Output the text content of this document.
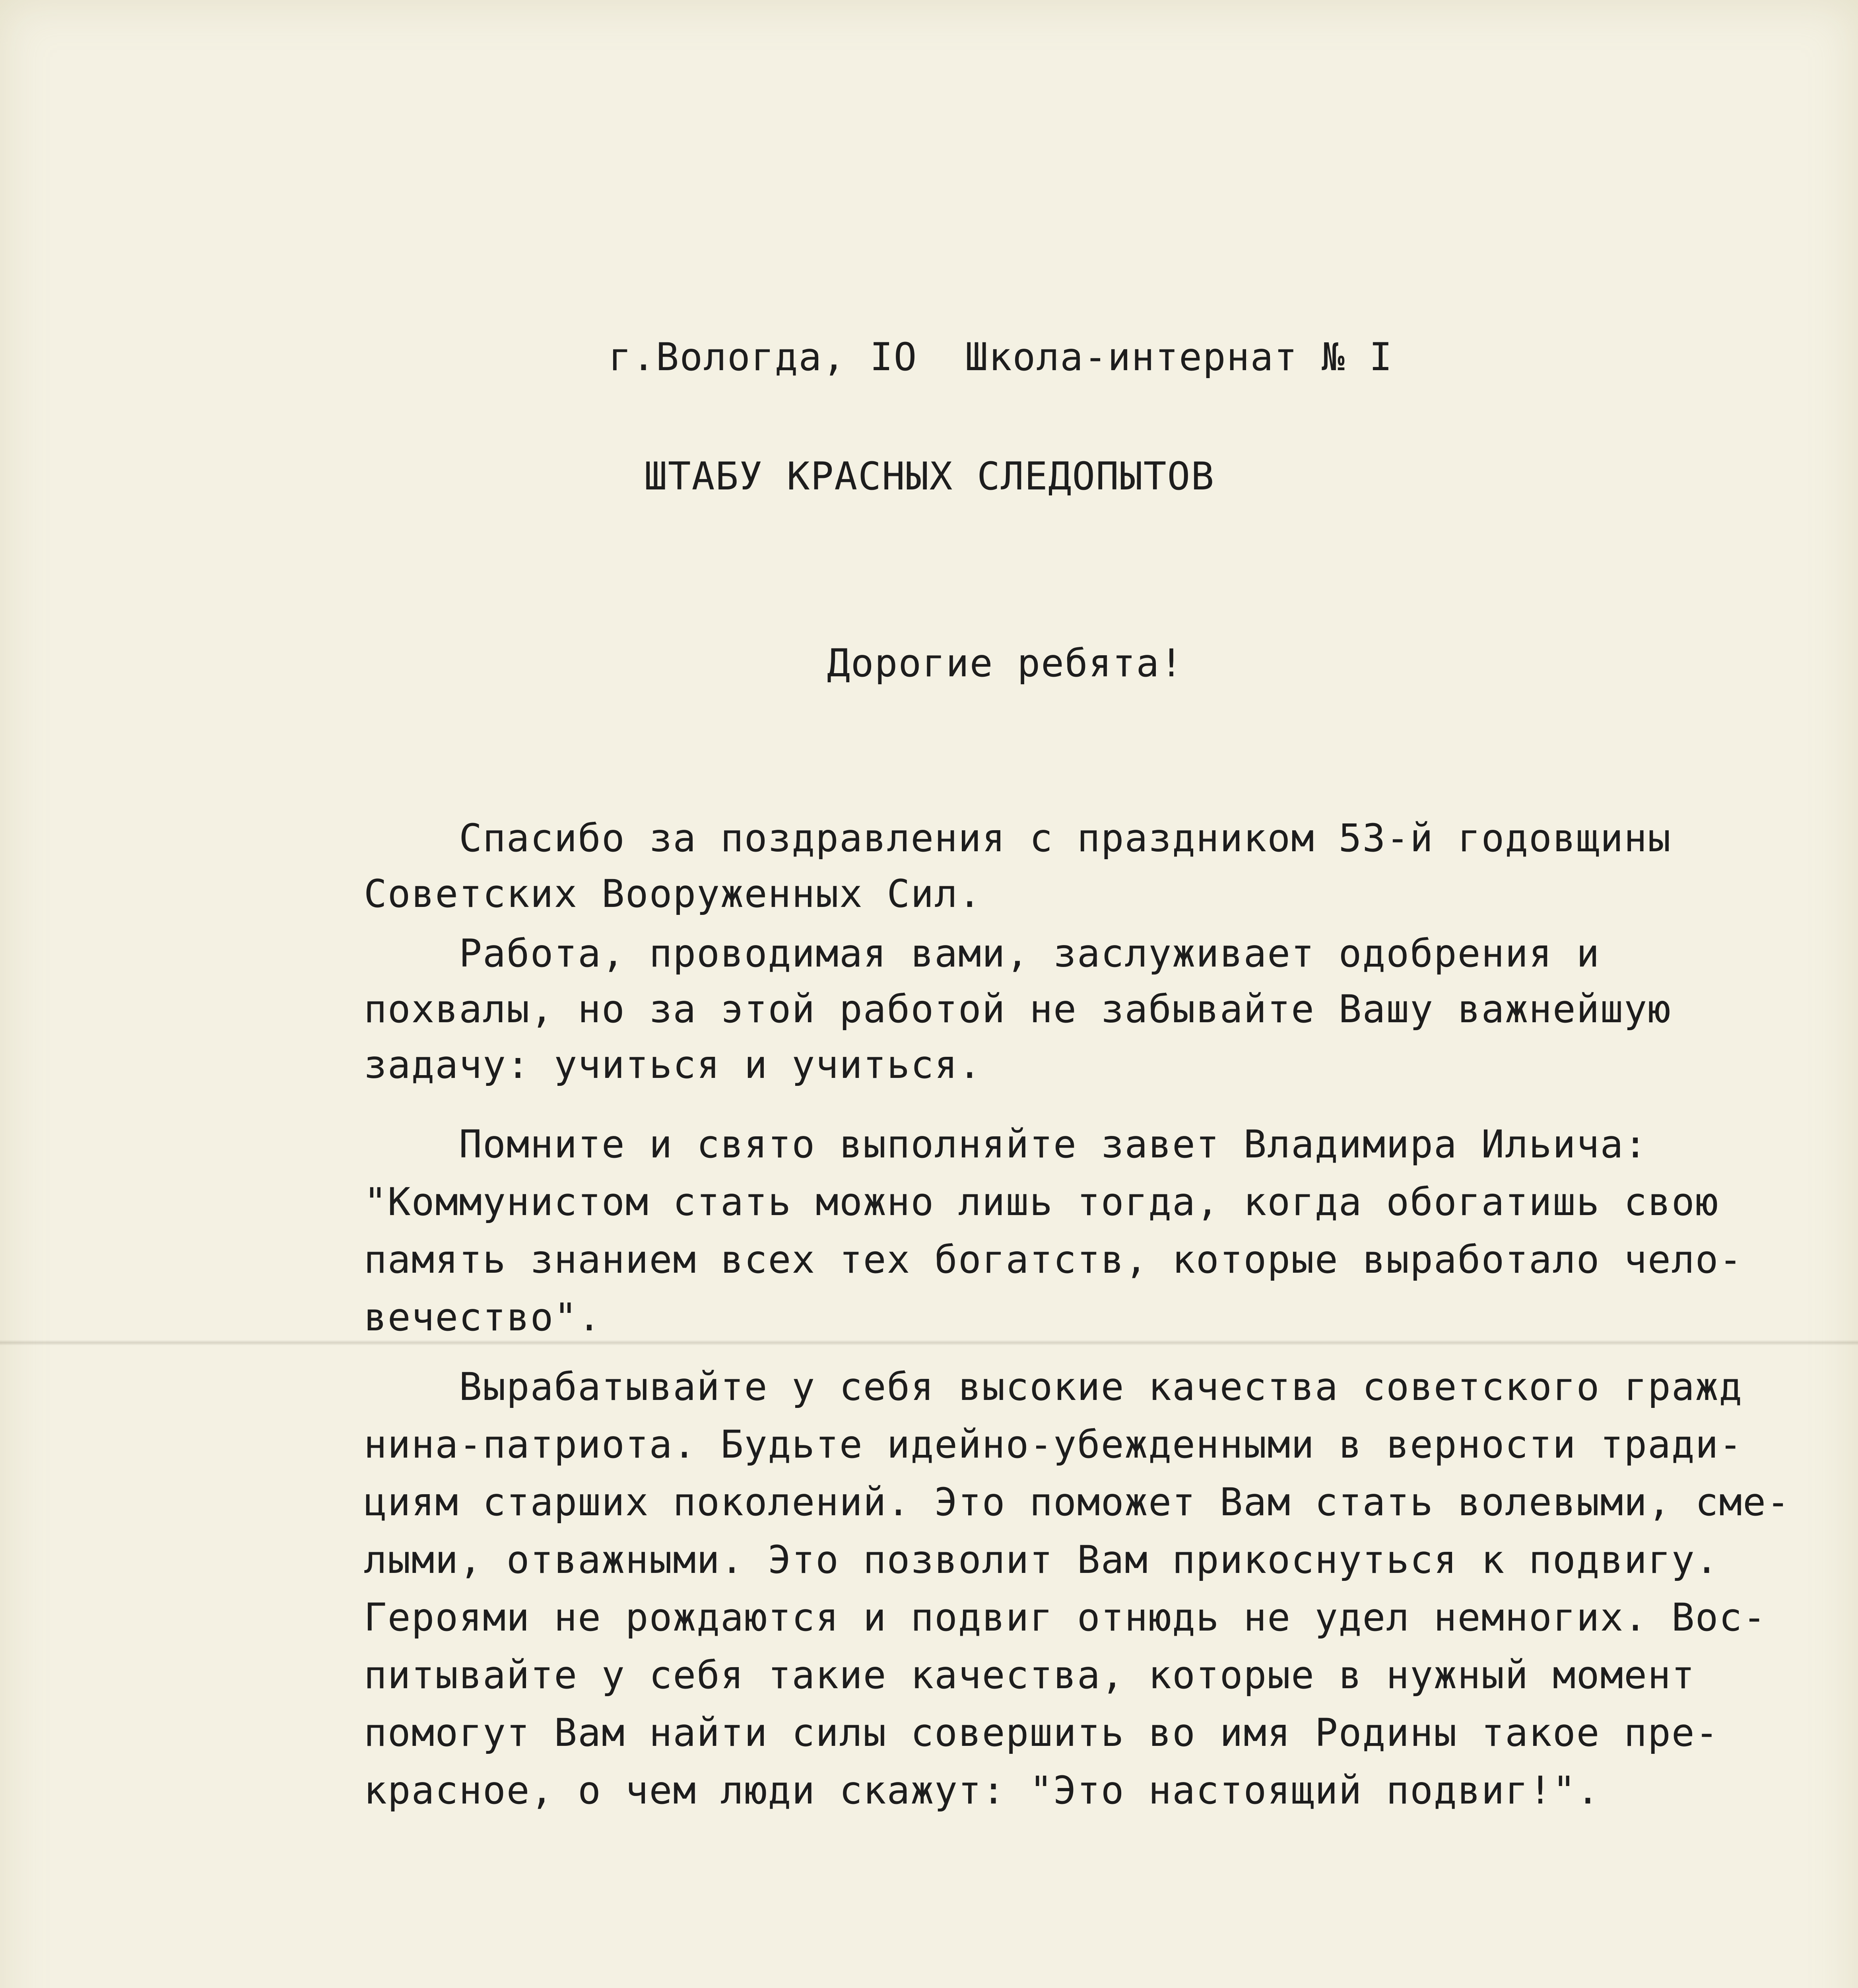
г.Вологда, IO  Школа-интернат № I
ШТАБУ КРАСНЫХ СЛЕДОПЫТОВ
Дорогие ребята!
Спасибо за поздравления с праздником 53-й годовщины
Советских Вооруженных Сил.
Работа, проводимая вами, заслуживает одобрения и
похвалы, но за этой работой не забывайте Вашу важнейшую
задачу: учиться и учиться.
Помните и свято выполняйте завет Владимира Ильича:
"Коммунистом стать можно лишь тогда, когда обогатишь свою
память знанием всех тех богатств, которые выработало чело-
вечество".
Вырабатывайте у себя высокие качества советского гражд
нина-патриота. Будьте идейно-убежденными в верности тради-
циям старших поколений. Это поможет Вам стать волевыми, сме-
лыми, отважными. Это позволит Вам прикоснуться к подвигу.
Героями не рождаются и подвиг отнюдь не удел немногих. Вос-
питывайте у себя такие качества, которые в нужный момент
помогут Вам найти силы совершить во имя Родины такое пре-
красное, о чем люди скажут: "Это настоящий подвиг!".
